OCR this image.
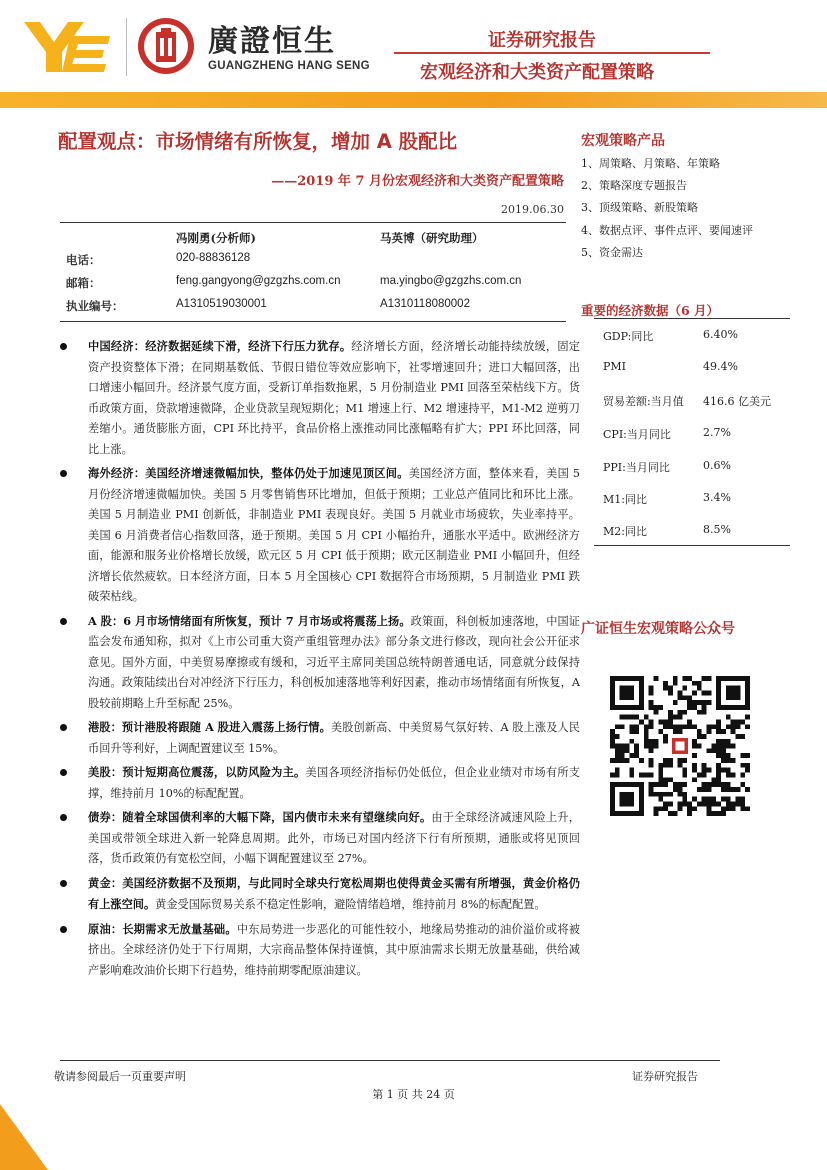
廣證恒生
GUANGZHENG HANG SENG
证券研究报告
宏观经济和大类资产配置策略
配置观点：市场情绪有所恢复，增加 A 股配比
——2019 年 7 月份宏观经济和大类资产配置策略
2019.06.30
冯刚勇(分析师)	马英博（研究助理）
电话：	020-88836128
邮箱：	feng.gangyong@gzgzhs.com.cn	ma.yingbo@gzgzhs.com.cn
执业编号：	A1310519030001	A1310118080002
中国经济：经济数据延续下滑，经济下行压力犹存。经济增长方面，经济增长动能持续放缓，固定资产投资整体下滑；在同期基数低、节假日错位等效应影响下，社零增速回升；进口大幅回落，出口增速小幅回升。经济景气度方面，受新订单指数拖累，5 月份制造业 PMI 回落至荣枯线下方。货币政策方面，贷款增速微降，企业贷款呈现短期化；M1 增速上行、M2 增速持平，M1-M2 逆剪刀差缩小。通货膨胀方面，CPI 环比持平，食品价格上涨推动同比涨幅略有扩大；PPI 环比回落，同比上涨。
海外经济：美国经济增速微幅加快，整体仍处于加速见顶区间。美国经济方面，整体来看，美国 5 月份经济增速微幅加快。美国 5 月零售销售环比增加，但低于预期；工业总产值同比和环比上涨。美国 5 月制造业 PMI 创新低，非制造业 PMI 表现良好。美国 5 月就业市场疲软，失业率持平。美国 6 月消费者信心指数回落，逊于预期。美国 5 月 CPI 小幅抬升，通胀水平适中。欧洲经济方面，能源和服务业价格增长放缓，欧元区 5 月 CPI 低于预期；欧元区制造业 PMI 小幅回升，但经济增长依然疲软。日本经济方面，日本 5 月全国核心 CPI 数据符合市场预期，5 月制造业 PMI 跌破荣枯线。
A 股：6 月市场情绪面有所恢复，预计 7 月市场或将震荡上扬。政策面，科创板加速落地，中国证监会发布通知称，拟对《上市公司重大资产重组管理办法》部分条文进行修改，现向社会公开征求意见。国外方面，中美贸易摩擦或有缓和，习近平主席同美国总统特朗普通电话，同意就分歧保持沟通。政策陆续出台对冲经济下行压力，科创板加速落地等利好因素，推动市场情绪面有所恢复，A 股较前期略上升至标配 25%。
港股：预计港股将跟随 A 股进入震荡上扬行情。美股创新高、中美贸易气氛好转、A 股上涨及人民币回升等利好，上调配置建议至 15%。
美股：预计短期高位震荡，以防风险为主。美国各项经济指标仍处低位，但企业业绩对市场有所支撑，维持前月 10%的标配配置。
债券：随着全球国债利率的大幅下降，国内债市未来有望继续向好。由于全球经济减速风险上升，美国或带领全球进入新一轮降息周期。此外，市场已对国内经济下行有所预期，通胀或将见顶回落，货币政策仍有宽松空间，小幅下调配置建议至 27%。
黄金：美国经济数据不及预期，与此同时全球央行宽松周期也使得黄金买需有所增强，黄金价格仍有上涨空间。黄金受国际贸易关系不稳定性影响，避险情绪趋增，维持前月 8%的标配配置。
原油：长期需求无放量基础。中东局势进一步恶化的可能性较小，地缘局势推动的油价溢价或将被挤出。全球经济仍处于下行周期，大宗商品整体保持谨慎，其中原油需求长期无放量基础，供给减产影响难改油价长期下行趋势，维持前期零配原油建议。
宏观策略产品
1、周策略、月策略、年策略
2、策略深度专题报告
3、顶级策略、新股策略
4、数据点评、事件点评、要闻速评
5、资金需达
重要的经济数据（6 月）
GDP:同比	6.40%
PMI	49.4%
贸易差额:当月值 416.6 亿美元
CPI:当月同比	2.7%
PPI:当月同比	0.6%
M1:同比	3.4%
M2:同比	8.5%
广证恒生宏观策略公众号
敬请参阅最后一页重要声明	证券研究报告
第 1 页 共 24 页
